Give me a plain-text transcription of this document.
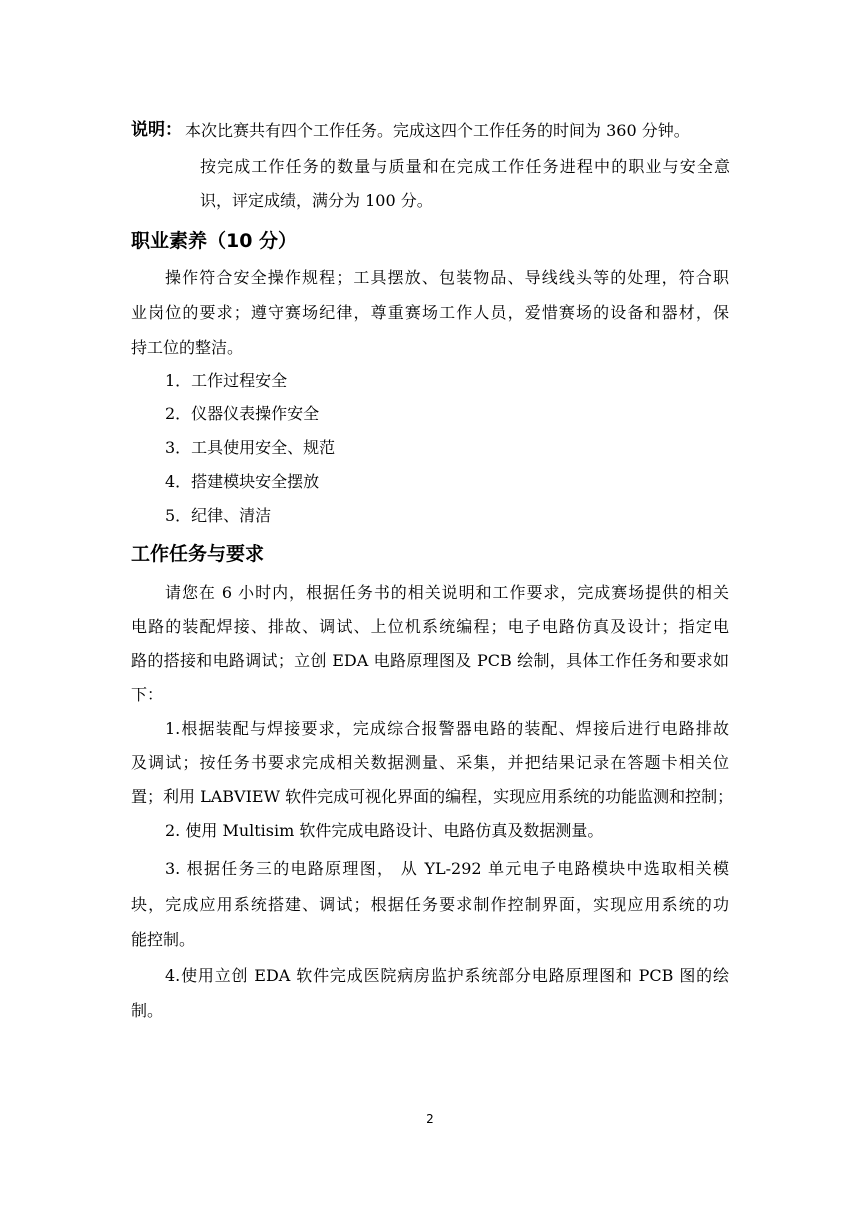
说明： 本次比赛共有四个工作任务。完成这四个工作任务的时间为 360 分钟。
按完成工作任务的数量与质量和在完成工作任务进程中的职业与安全意
识，评定成绩，满分为 100 分。
职业素养（10 分）
操作符合安全操作规程；工具摆放、包装物品、导线线头等的处理，符合职
业岗位的要求；遵守赛场纪律，尊重赛场工作人员，爱惜赛场的设备和器材，保
持工位的整洁。
1．工作过程安全
2．仪器仪表操作安全
3．工具使用安全、规范
4．搭建模块安全摆放
5．纪律、清洁
工作任务与要求
请您在 6 小时内，根据任务书的相关说明和工作要求，完成赛场提供的相关
电路的装配焊接、排故、调试、上位机系统编程；电子电路仿真及设计；指定电
路的搭接和电路调试；立创 EDA 电路原理图及 PCB 绘制，具体工作任务和要求如
下：
1.根据装配与焊接要求，完成综合报警器电路的装配、焊接后进行电路排故
及调试；按任务书要求完成相关数据测量、采集，并把结果记录在答题卡相关位
置；利用 LABVIEW 软件完成可视化界面的编程，实现应用系统的功能监测和控制；
2. 使用 Multisim 软件完成电路设计、电路仿真及数据测量。
3. 根据任务三的电路原理图， 从 YL-292 单元电子电路模块中选取相关模
块，完成应用系统搭建、调试；根据任务要求制作控制界面，实现应用系统的功
能控制。
4.使用立创 EDA 软件完成医院病房监护系统部分电路原理图和 PCB 图的绘
制。
2
